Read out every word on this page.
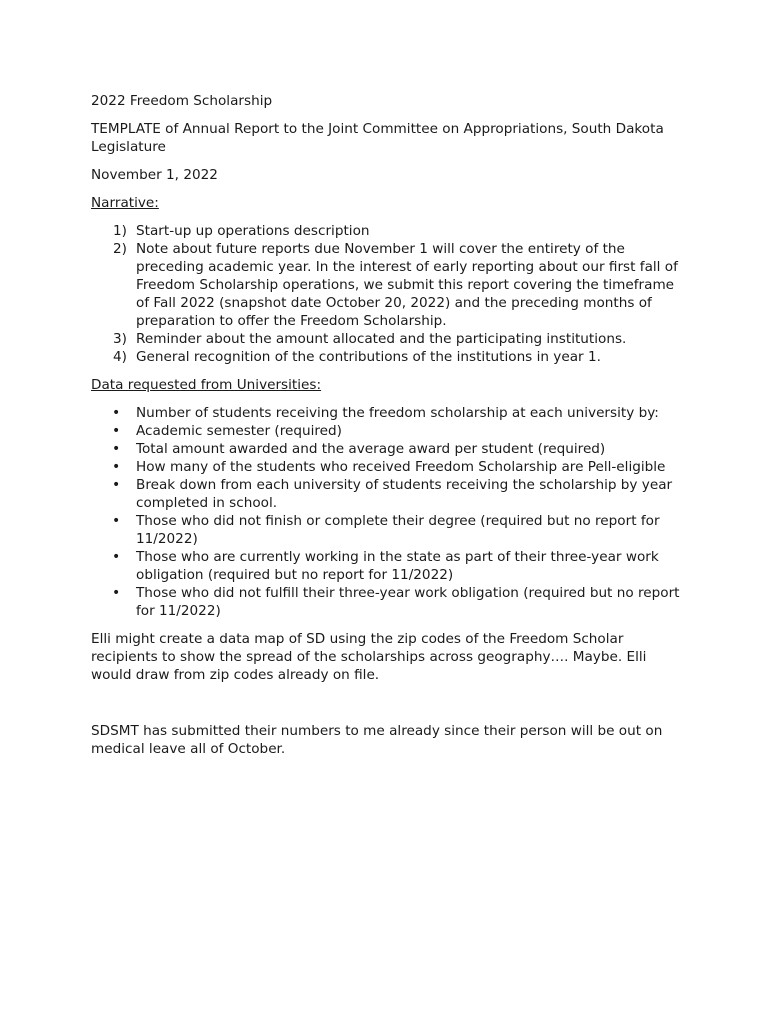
2022 Freedom Scholarship

TEMPLATE of Annual Report to the Joint Committee on Appropriations, South Dakota Legislature

November 1, 2022

Narrative:

1) Start-up up operations description
2) Note about future reports due November 1 will cover the entirety of the preceding academic year. In the interest of early reporting about our first fall of Freedom Scholarship operations, we submit this report covering the timeframe of Fall 2022 (snapshot date October 20, 2022) and the preceding months of preparation to offer the Freedom Scholarship.
3) Reminder about the amount allocated and the participating institutions.
4) General recognition of the contributions of the institutions in year 1.

Data requested from Universities:

• Number of students receiving the freedom scholarship at each university by:
• Academic semester (required)
• Total amount awarded and the average award per student (required)
• How many of the students who received Freedom Scholarship are Pell-eligible
• Break down from each university of students receiving the scholarship by year completed in school.
• Those who did not finish or complete their degree (required but no report for 11/2022)
• Those who are currently working in the state as part of their three-year work obligation (required but no report for 11/2022)
• Those who did not fulfill their three-year work obligation (required but no report for 11/2022)

Elli might create a data map of SD using the zip codes of the Freedom Scholar recipients to show the spread of the scholarships across geography…. Maybe. Elli would draw from zip codes already on file.

SDSMT has submitted their numbers to me already since their person will be out on medical leave all of October.
